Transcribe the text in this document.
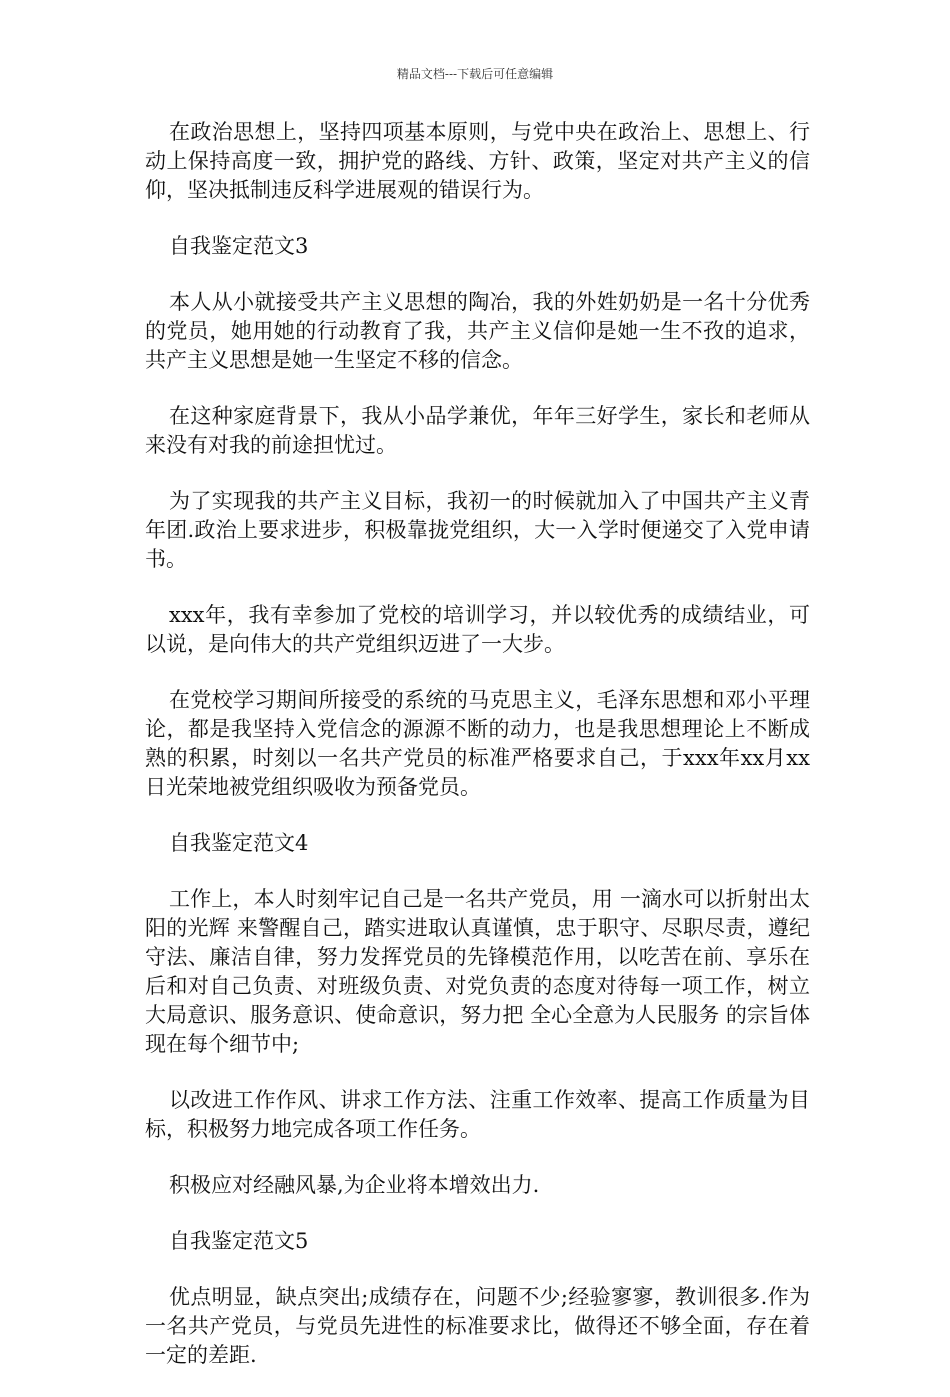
精品文档---下载后可任意编辑

在政治思想上，坚持四项基本原则，与党中央在政治上、思想上、行动上保持高度一致，拥护党的路线、方针、政策，坚定对共产主义的信仰，坚决抵制违反科学进展观的错误行为。

自我鉴定范文3

本人从小就接受共产主义思想的陶冶，我的外姓奶奶是一名十分优秀的党员，她用她的行动教育了我，共产主义信仰是她一生不孜的追求，共产主义思想是她一生坚定不移的信念。

在这种家庭背景下，我从小品学兼优，年年三好学生，家长和老师从来没有对我的前途担忧过。

为了实现我的共产主义目标，我初一的时候就加入了中国共产主义青年团.政治上要求进步，积极靠拢党组织，大一入学时便递交了入党申请书。

xxx年，我有幸参加了党校的培训学习，并以较优秀的成绩结业，可以说，是向伟大的共产党组织迈进了一大步。

在党校学习期间所接受的系统的马克思主义，毛泽东思想和邓小平理论，都是我坚持入党信念的源源不断的动力，也是我思想理论上不断成熟的积累，时刻以一名共产党员的标准严格要求自己，于xxx年xx月xx日光荣地被党组织吸收为预备党员。

自我鉴定范文4

工作上，本人时刻牢记自己是一名共产党员，用 一滴水可以折射出太阳的光辉 来警醒自己，踏实进取认真谨慎，忠于职守、尽职尽责，遵纪守法、廉洁自律，努力发挥党员的先锋模范作用，以吃苦在前、享乐在后和对自己负责、对班级负责、对党负责的态度对待每一项工作，树立大局意识、服务意识、使命意识，努力把 全心全意为人民服务 的宗旨体现在每个细节中;

以改进工作作风、讲求工作方法、注重工作效率、提高工作质量为目标，积极努力地完成各项工作任务。

积极应对经融风暴,为企业将本增效出力.

自我鉴定范文5

优点明显，缺点突出;成绩存在，问题不少;经验寥寥，教训很多.作为一名共产党员，与党员先进性的标准要求比，做得还不够全面，存在着一定的差距.
